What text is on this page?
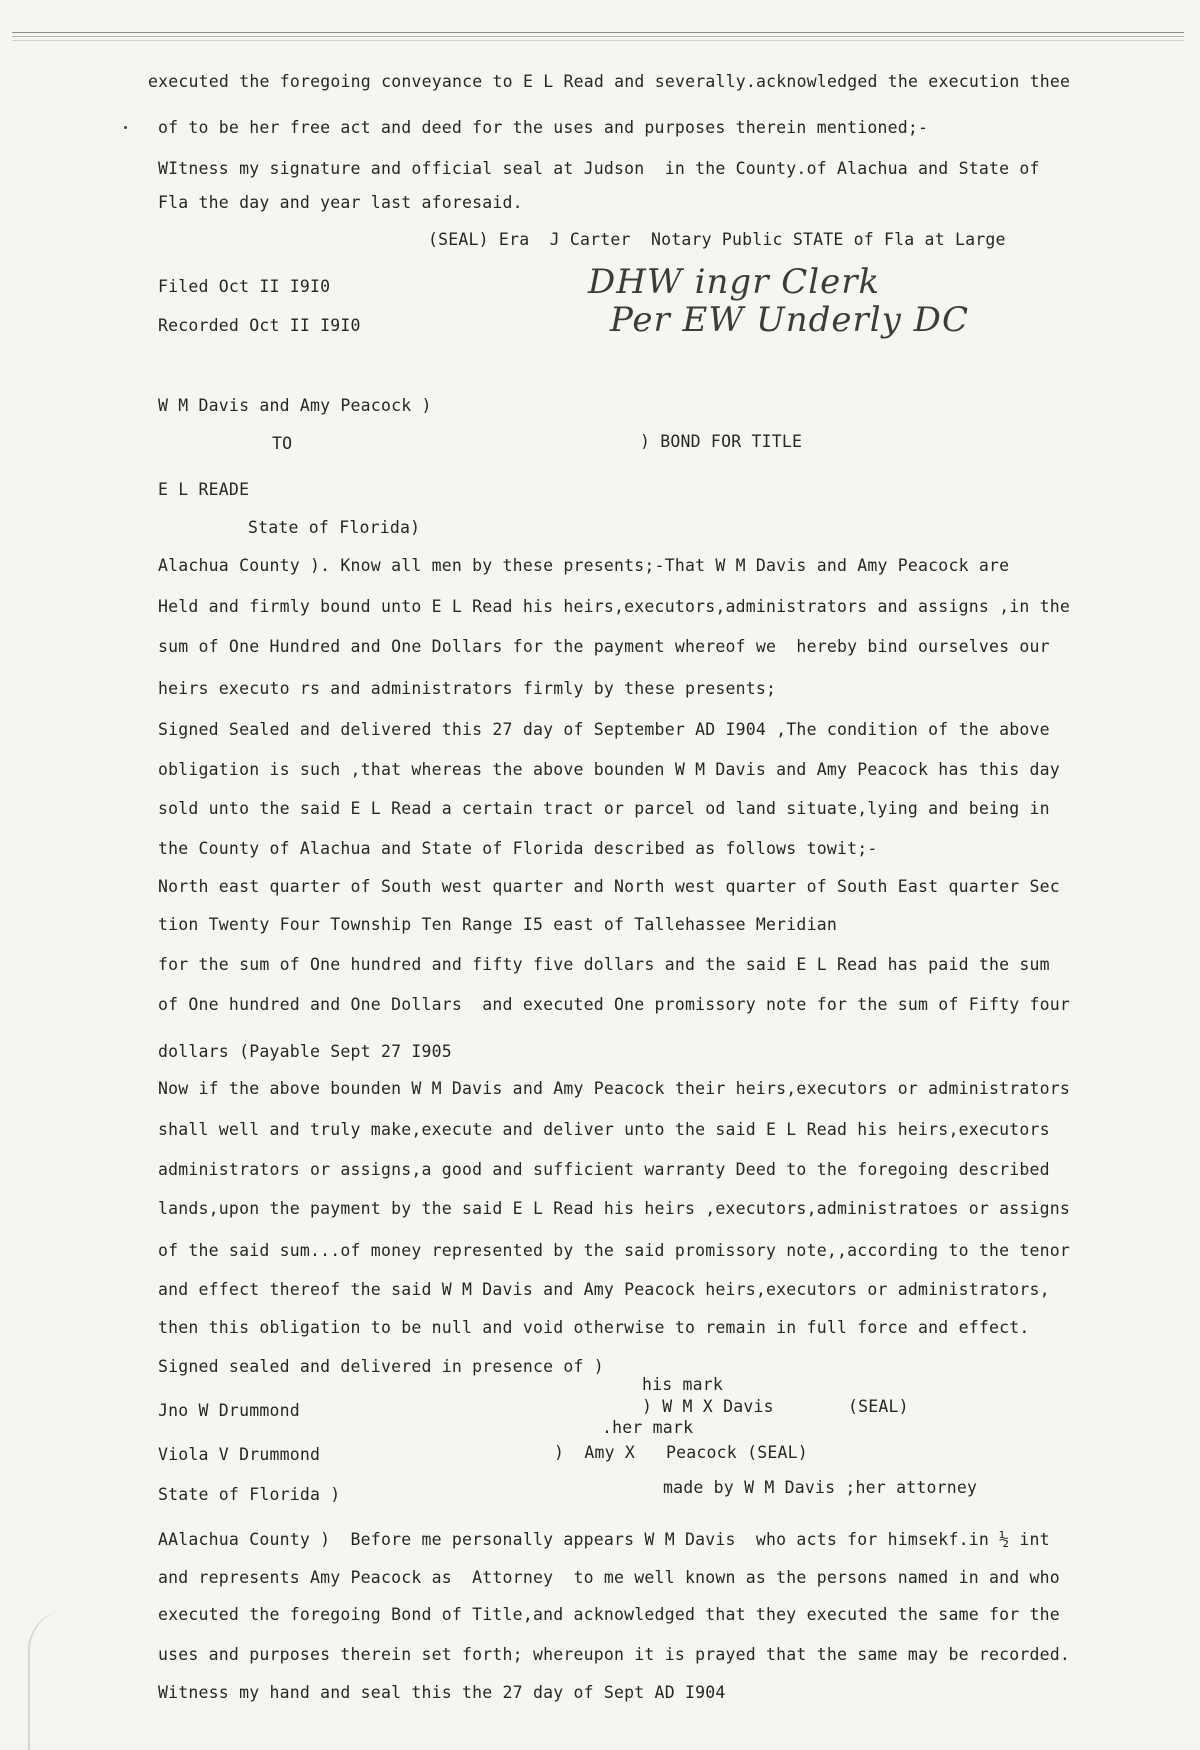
executed the foregoing conveyance to E L Read and severally.acknowledged the execution thee
of to be her free act and deed for the uses and purposes therein mentioned;-
WItness my signature and official seal at Judson  in the County.of Alachua and State of
Fla the day and year last aforesaid.
(SEAL) Era  J Carter  Notary Public STATE of Fla at Large
Filed Oct II I9I0
Recorded Oct II I9I0
DHW ingr Clerk
Per EW Underly DC
W M Davis and Amy Peacock )
TO	) BOND FOR TITLE
E L READE
State of Florida)
Alachua County ). Know all men by these presents;-That W M Davis and Amy Peacock are
Held and firmly bound unto E L Read his heirs,executors,administrators and assigns ,in the
sum of One Hundred and One Dollars for the payment whereof we  hereby bind ourselves our
heirs executo rs and administrators firmly by these presents;
Signed Sealed and delivered this 27 day of September AD I904 ,The condition of the above
obligation is such ,that whereas the above bounden W M Davis and Amy Peacock has this day
sold unto the said E L Read a certain tract or parcel od land situate,lying and being in
the County of Alachua and State of Florida described as follows towit;-
North east quarter of South west quarter and North west quarter of South East quarter Sec
tion Twenty Four Township Ten Range I5 east of Tallehassee Meridian
for the sum of One hundred and fifty five dollars and the said E L Read has paid the sum
of One hundred and One Dollars  and executed One promissory note for the sum of Fifty four
dollars (Payable Sept 27 I905
Now if the above bounden W M Davis and Amy Peacock their heirs,executors or administrators
shall well and truly make,execute and deliver unto the said E L Read his heirs,executors
administrators or assigns,a good and sufficient warranty Deed to the foregoing described
lands,upon the payment by the said E L Read his heirs ,executors,administratoes or assigns
of the said sum...of money represented by the said promissory note,,according to the tenor
and effect thereof the said W M Davis and Amy Peacock heirs,executors or administrators,
then this obligation to be null and void otherwise to remain in full force and effect.
Signed sealed and delivered in presence of )
his mark
Jno W Drummond	) W M X Davis	(SEAL)
.her mark
Viola V Drummond	)  Amy X Peacock (SEAL)
State of Florida )	made by W M Davis ;her attorney
AAlachua County )  Before me personally appears W M Davis  who acts for himsekf.in ½ int
and represents Amy Peacock as  Attorney  to me well known as the persons named in and who
executed the foregoing Bond of Title,and acknowledged that they executed the same for the
uses and purposes therein set forth; whereupon it is prayed that the same may be recorded.
Witness my hand and seal this the 27 day of Sept AD I904
